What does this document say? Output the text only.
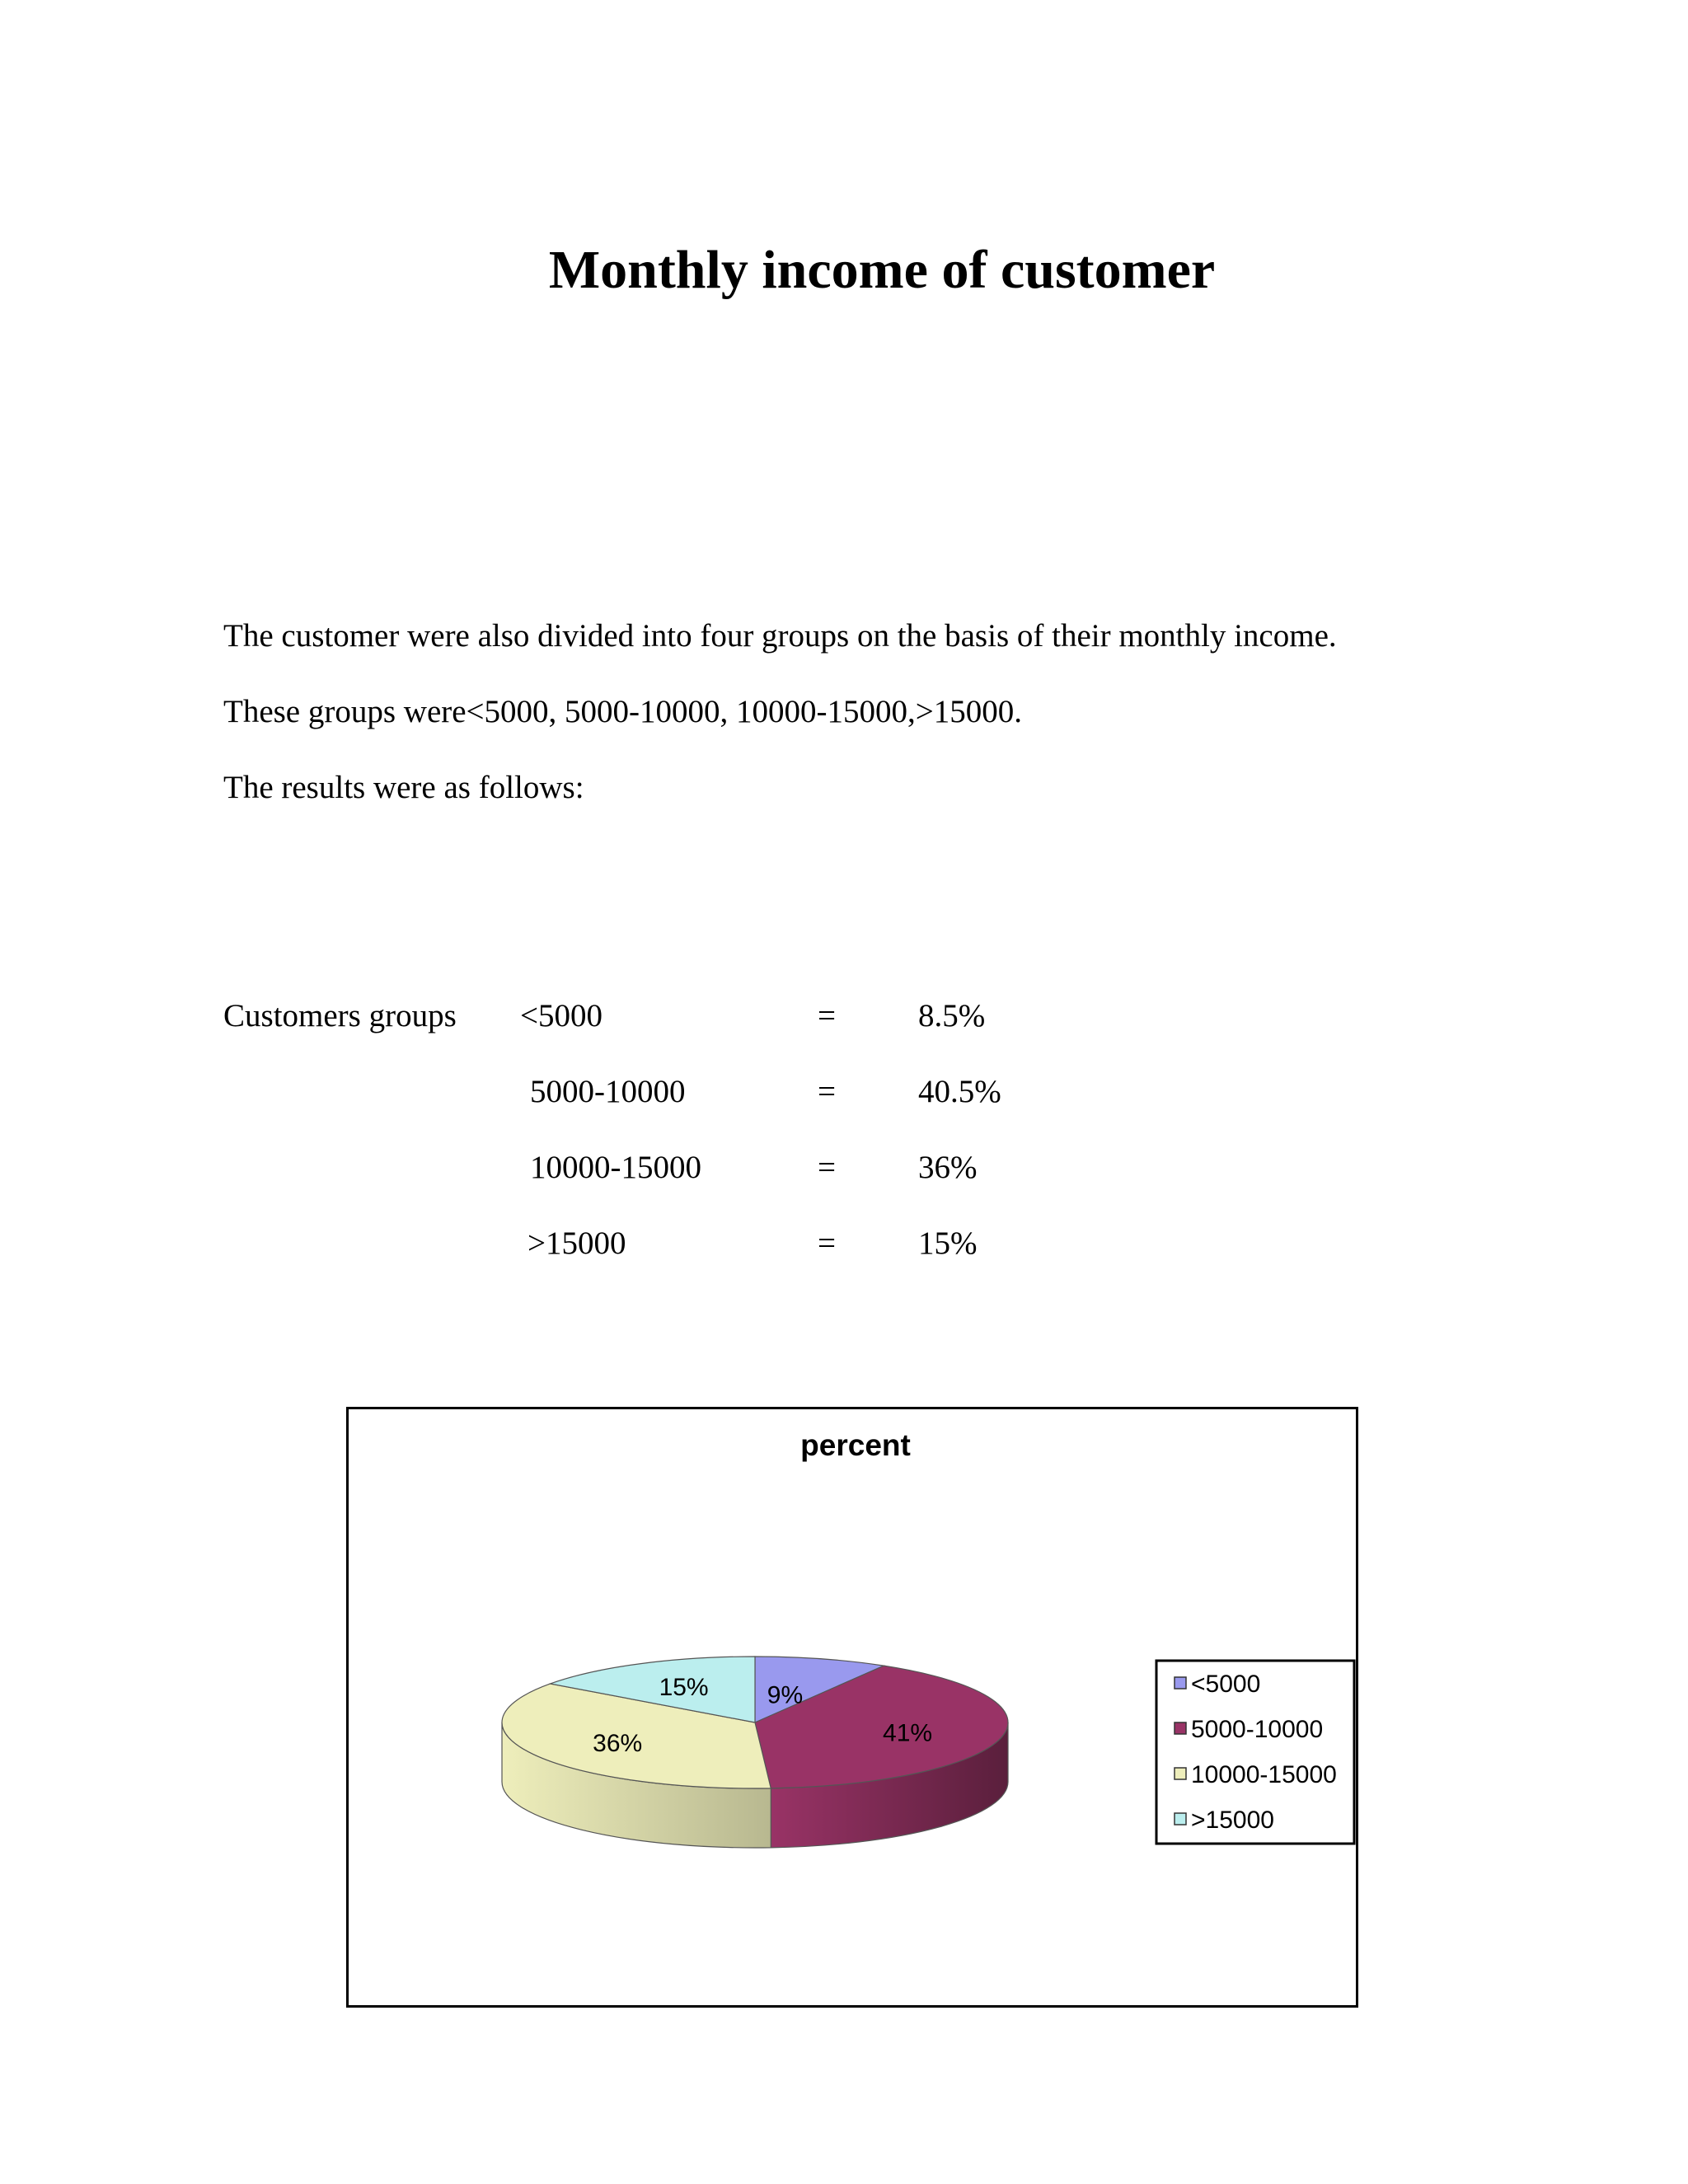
Monthly income of customer

The customer were also divided into four groups on the basis of their monthly income.

These groups were<5000, 5000-10000, 10000-15000,>15000.

The results were as follows:

Customers groups <5000	=	8.5%
5000-10000	=	40.5%
10000-15000	=	36%
>15000	=	15%
percent
9%
41%
36%
15%	<5000
5000-10000
10000-15000
>15000
